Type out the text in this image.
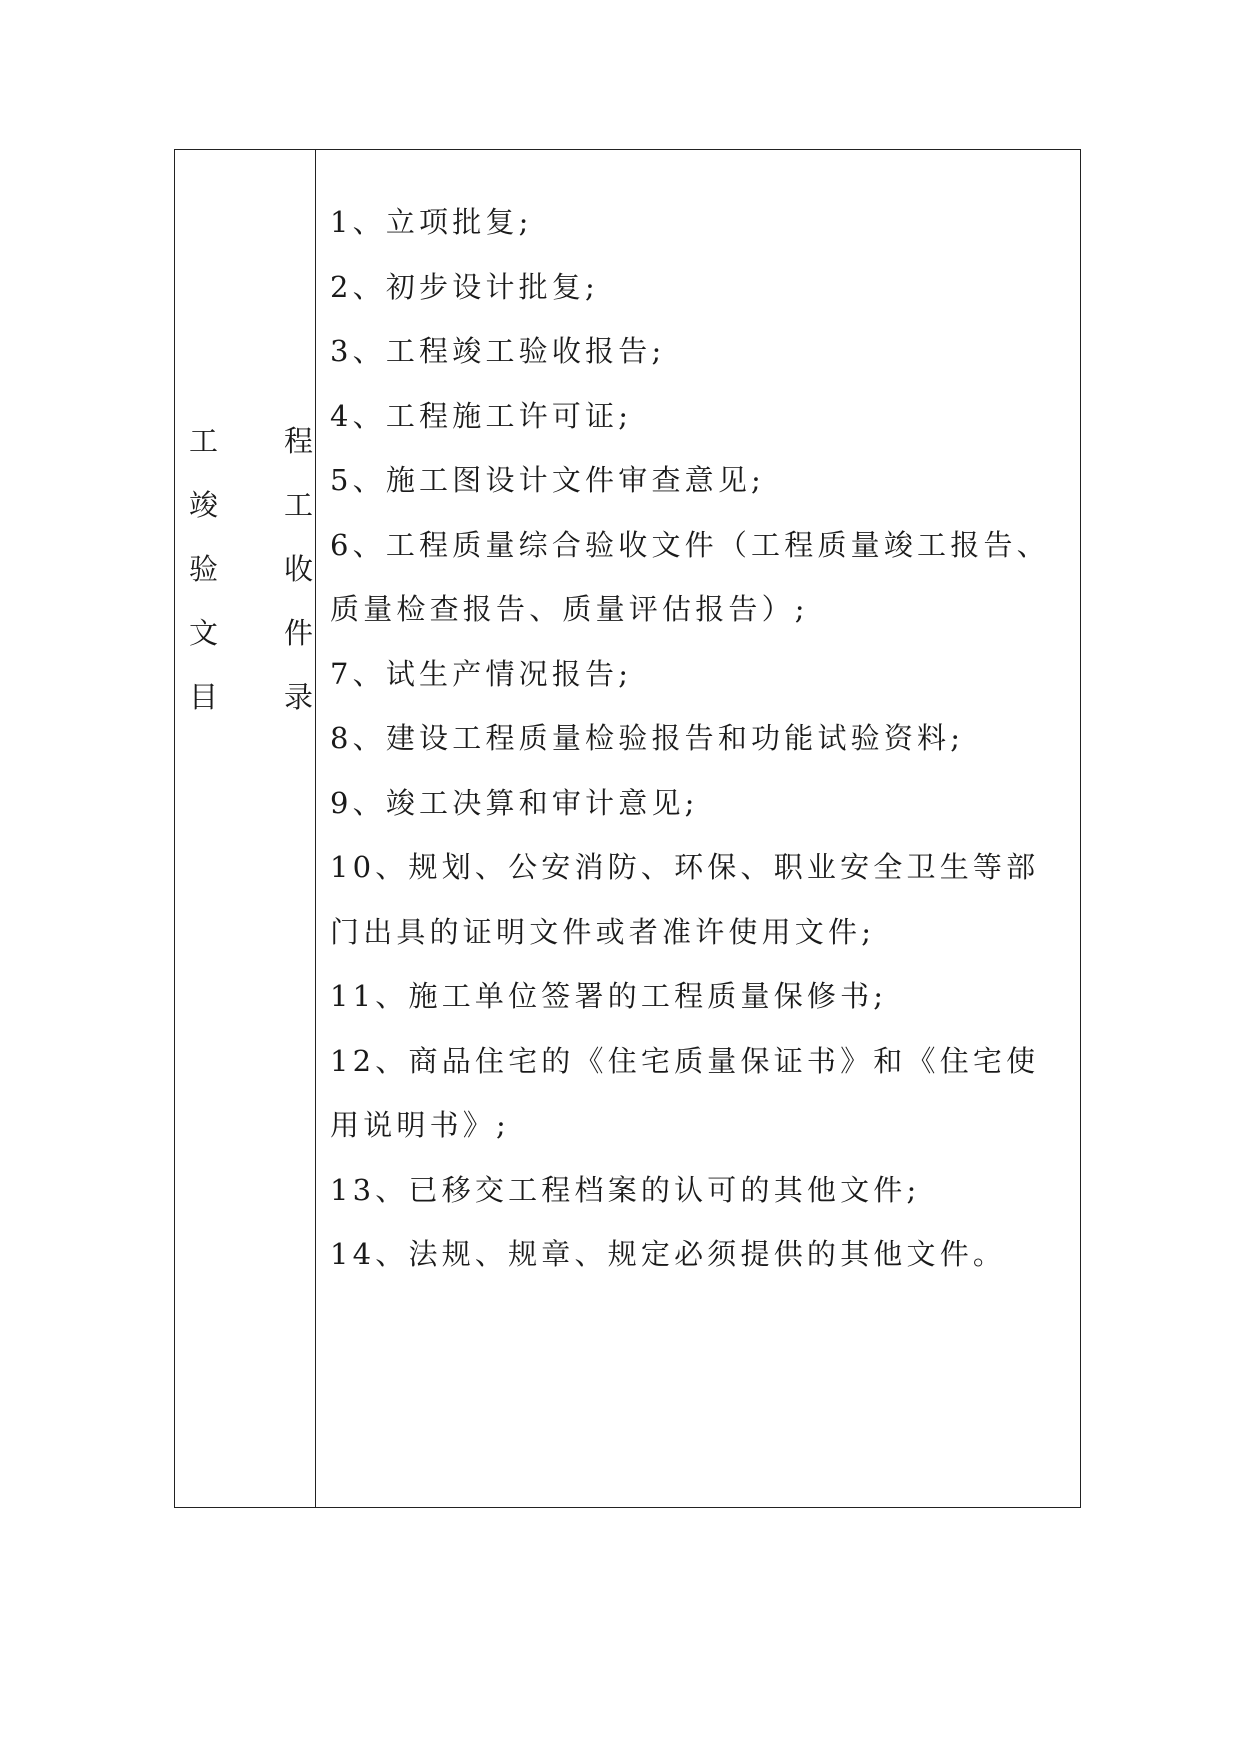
工 程
竣 工
验 收
文 件
目 录
1、立项批复;
2、初步设计批复;
3、工程竣工验收报告;
4、工程施工许可证;
5、施工图设计文件审查意见;
6、工程质量综合验收文件（工程质量竣工报告、质量检查报告、质量评估报告）;
7、试生产情况报告;
8、建设工程质量检验报告和功能试验资料;
9、竣工决算和审计意见;
10、规划、公安消防、环保、职业安全卫生等部门出具的证明文件或者准许使用文件;
11、施工单位签署的工程质量保修书;
12、商品住宅的《住宅质量保证书》和《住宅使用说明书》;
13、已移交工程档案的认可的其他文件;
14、法规、规章、规定必须提供的其他文件。
